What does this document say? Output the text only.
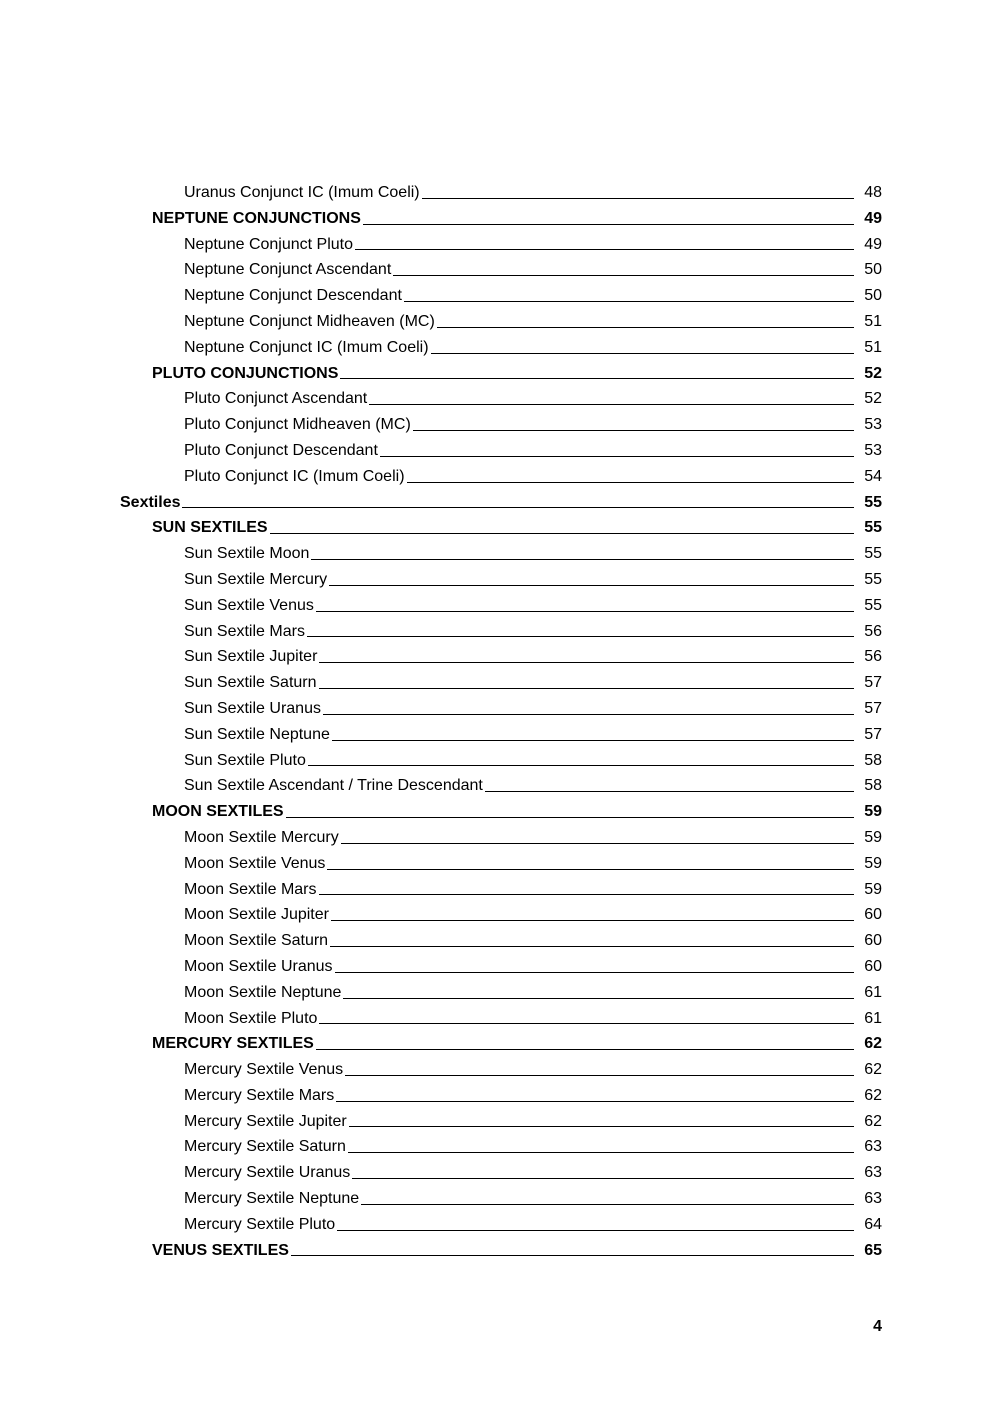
Uranus Conjunct IC (Imum Coeli)	48
NEPTUNE CONJUNCTIONS	49
Neptune Conjunct Pluto	49
Neptune Conjunct Ascendant	50
Neptune Conjunct Descendant	50
Neptune Conjunct Midheaven (MC)	51
Neptune Conjunct IC (Imum Coeli)	51
PLUTO CONJUNCTIONS	52
Pluto Conjunct Ascendant	52
Pluto Conjunct Midheaven (MC)	53
Pluto Conjunct Descendant	53
Pluto Conjunct IC (Imum Coeli)	54
Sextiles	55
SUN SEXTILES	55
Sun Sextile Moon	55
Sun Sextile Mercury	55
Sun Sextile Venus	55
Sun Sextile Mars	56
Sun Sextile Jupiter	56
Sun Sextile Saturn	57
Sun Sextile Uranus	57
Sun Sextile Neptune	57
Sun Sextile Pluto	58
Sun Sextile Ascendant / Trine Descendant	58
MOON SEXTILES	59
Moon Sextile Mercury	59
Moon Sextile Venus	59
Moon Sextile Mars	59
Moon Sextile Jupiter	60
Moon Sextile Saturn	60
Moon Sextile Uranus	60
Moon Sextile Neptune	61
Moon Sextile Pluto	61
MERCURY SEXTILES	62
Mercury Sextile Venus	62
Mercury Sextile Mars	62
Mercury Sextile Jupiter	62
Mercury Sextile Saturn	63
Mercury Sextile Uranus	63
Mercury Sextile Neptune	63
Mercury Sextile Pluto	64
VENUS SEXTILES	65
4
